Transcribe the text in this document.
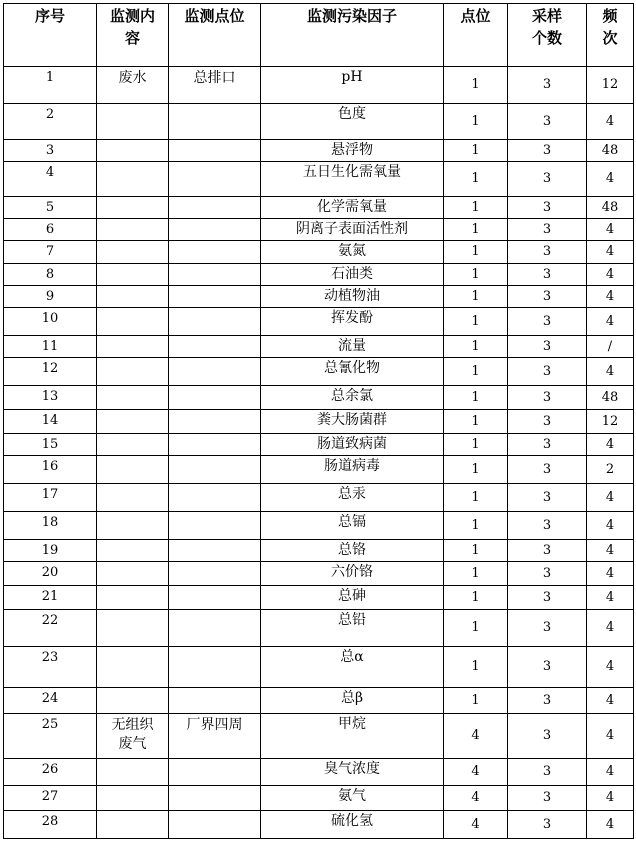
序号	监测内容	监测点位	监测污染因子	点位	采样个数	频次

1	废水	总排口	pH	1	3	12
2			色度	1	3	4
3			悬浮物	1	3	48
4			五日生化需氧量	1	3	4
5			化学需氧量	1	3	48
6			阴离子表面活性剂	1	3	4
7			氨氮	1	3	4
8			石油类	1	3	4
9			动植物油	1	3	4
10			挥发酚	1	3	4
11			流量	1	3	/
12			总氰化物	1	3	4
13			总余氯	1	3	48
14			粪大肠菌群	1	3	12
15			肠道致病菌	1	3	4
16			肠道病毒	1	3	2
17			总汞	1	3	4
18			总镉	1	3	4
19			总铬	1	3	4
20			六价铬	1	3	4
21			总砷	1	3	4
22			总铅	1	3	4
23			总α	1	3	4
24			总β	1	3	4
25	无组织废气	厂界四周	甲烷	4	3	4
26			臭气浓度	4	3	4
27			氨气	4	3	4
28			硫化氢	4	3	4
